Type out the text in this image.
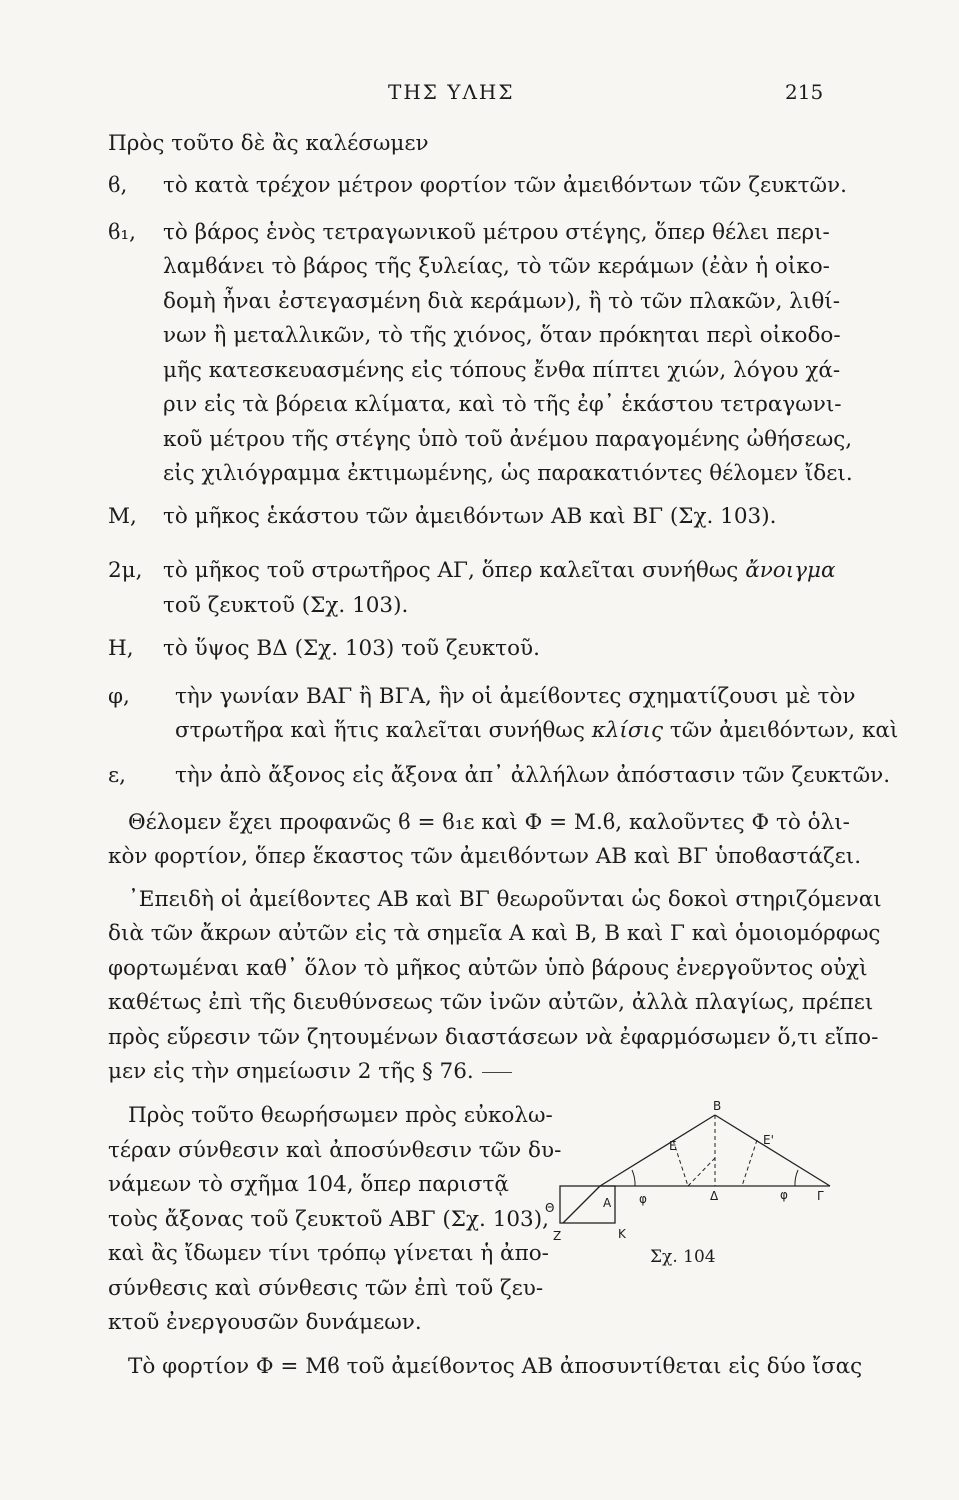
ΤΗΣ ΥΛΗΣ	215
Πρὸς τοῦτο δὲ ἂς καλέσωμεν
ϐ, τὸ κατὰ τρέχον μέτρον φορτίον τῶν ἀμειϐόντων τῶν ζευκτῶν.
ϐ₁, τὸ βάρος ἑνὸς τετραγωνικοῦ μέτρου στέγης, ὅπερ θέλει περι-
λαμϐάνει τὸ βάρος τῆς ξυλείας, τὸ τῶν κεράμων (ἐὰν ἡ οἰκο-
δομὴ ἦναι ἐστεγασμένη διὰ κεράμων), ἢ τὸ τῶν πλακῶν, λιθί-
νων ἢ μεταλλικῶν, τὸ τῆς χιόνος, ὅταν πρόκηται περὶ οἰκοδο-
μῆς κατεσκευασμένης εἰς τόπους ἔνθα πίπτει χιών, λόγου χά-
ριν εἰς τὰ βόρεια κλίματα, καὶ τὸ τῆς ἐφ᾽ ἑκάστου τετραγωνι-
κοῦ μέτρου τῆς στέγης ὑπὸ τοῦ ἀνέμου παραγομένης ὠθήσεως,
εἰς χιλιόγραμμα ἐκτιμωμένης, ὡς παρακατιόντες θέλομεν ἴδει.
Μ, τὸ μῆκος ἑκάστου τῶν ἀμειϐόντων ΑΒ καὶ ΒΓ (Σχ. 103).
2μ, τὸ μῆκος τοῦ στρωτῆρος ΑΓ, ὅπερ καλεῖται συνήθως ἄνοιγμα
τοῦ ζευκτοῦ (Σχ. 103).
Η, τὸ ὕψος ΒΔ (Σχ. 103) τοῦ ζευκτοῦ.
φ, τὴν γωνίαν ΒΑΓ ἢ ΒΓΑ, ἣν οἱ ἀμείϐοντες σχηματίζουσι μὲ τὸν
στρωτῆρα καὶ ἥτις καλεῖται συνήθως κλίσις τῶν ἀμειϐόντων, καὶ
ε, τὴν ἀπὸ ἄξονος εἰς ἄξονα ἀπ᾽ ἀλλήλων ἀπόστασιν τῶν ζευκτῶν.
Θέλομεν ἔχει προφανῶς ϐ = ϐ₁ε καὶ Φ = Μ.ϐ, καλοῦντες Φ τὸ ὁλι-
κὸν φορτίον, ὅπερ ἕκαστος τῶν ἀμειϐόντων ΑΒ καὶ ΒΓ ὑποϐαστάζει.
᾽Επειδὴ οἱ ἀμείϐοντες ΑΒ καὶ ΒΓ θεωροῦνται ὡς δοκοὶ στηριζόμεναι
διὰ τῶν ἄκρων αὐτῶν εἰς τὰ σημεῖα Α καὶ Β, Β καὶ Γ καὶ ὁμοιομόρφως
φορτωμέναι καθ᾽ ὅλον τὸ μῆκος αὐτῶν ὑπὸ βάρους ἐνεργοῦντος οὐχὶ
καθέτως ἐπὶ τῆς διευθύνσεως τῶν ἰνῶν αὐτῶν, ἀλλὰ πλαγίως, πρέπει
πρὸς εὕρεσιν τῶν ζητουμένων διαστάσεων νὰ ἐφαρμόσωμεν ὅ,τι εἴπο-
μεν εἰς τὴν σημείωσιν 2 τῆς § 76.
Πρὸς τοῦτο θεωρήσωμεν πρὸς εὐκολω-
τέραν σύνθεσιν καὶ ἀποσύνθεσιν τῶν δυ-
νάμεων τὸ σχῆμα 104, ὅπερ παριστᾷ
τοὺς ἄξονας τοῦ ζευκτοῦ ΑΒΓ (Σχ. 103),
καὶ ἂς ἴδωμεν τίνι τρόπῳ γίνεται ἡ ἀπο-
σύνθεσις καὶ σύνθεσις τῶν ἐπὶ τοῦ ζευ-
κτοῦ ἐνεργουσῶν δυνάμεων.
Τὸ φορτίον Φ = Μϐ τοῦ ἀμείϐοντος ΑΒ ἀποσυντίθεται εἰς δύο ἴσας
B
E	E'
Θ	A φ	Δ	φ Γ
Z	K
Σχ. 104
